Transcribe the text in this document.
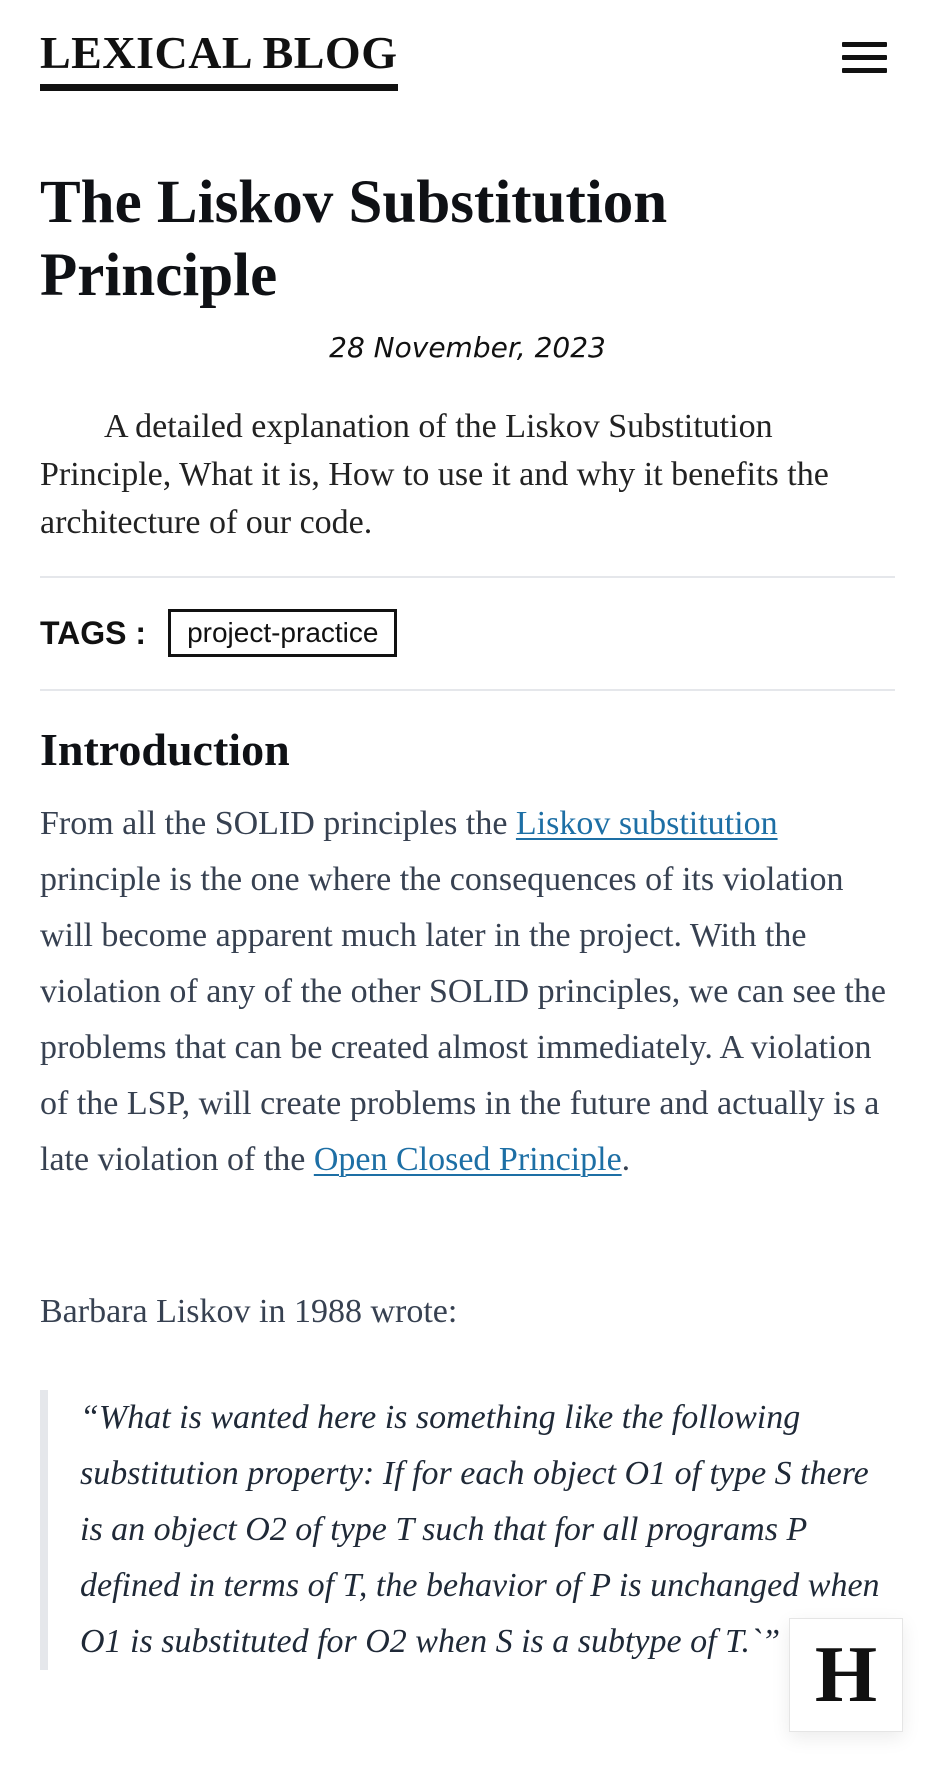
LEXICAL BLOG
The Liskov Substitution Principle
28 November, 2023

A detailed explanation of the Liskov Substitution Principle, What it is, How to use it and why it benefits the architecture of our code.

TAGS :	project-practice
Introduction

From all the SOLID principles the Liskov substitution principle is the one where the consequences of its violation will become apparent much later in the project. With the violation of any of the other SOLID principles, we can see the problems that can be created almost immediately. A violation of the LSP, will create problems in the future and actually is a late violation of the Open Closed Principle.

Barbara Liskov in 1988 wrote:

“What is wanted here is something like the following substitution property: If for each object O1 of type S there is an object O2 of type T such that for all programs P defined in terms of T, the behavior of P is unchanged when O1 is substituted for O2 when S is a subtype of T.`” H
